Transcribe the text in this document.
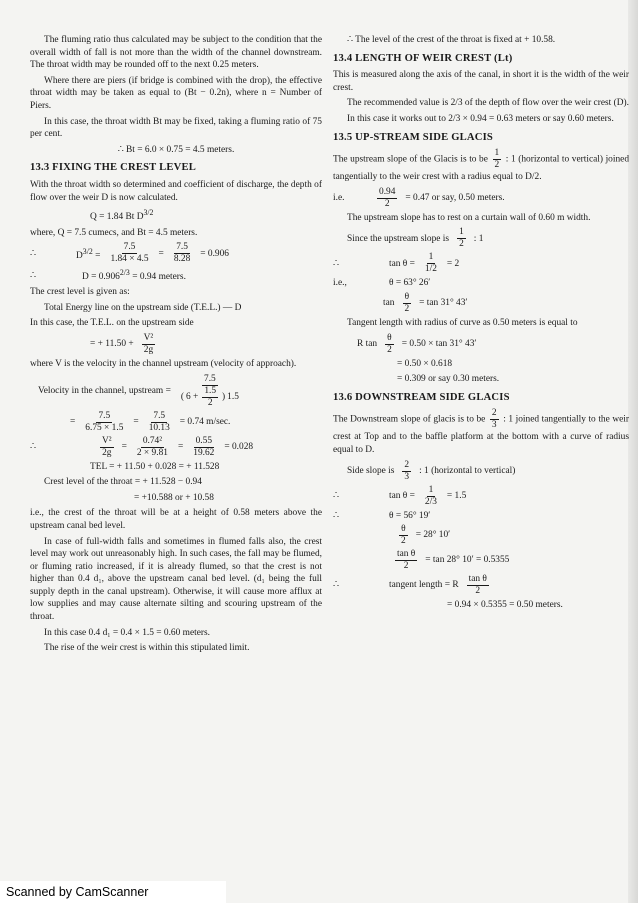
The fluming ratio thus calculated may be subject to the condition that the overall width of fall is not more than the width of the channel downstream. The throat width may be rounded off to the next 0.25 meters.

Where there are piers (if bridge is combined with the drop), the effective throat width may be taken as equal to (Bt − 0.2n), where n = Number of Piers.

In this case, the throat width Bt may be fixed, taking a fluming ratio of 75 per cent.

∴ Bt = 6.0 × 0.75 = 4.5 meters.

13.3 FIXING THE CREST LEVEL

With the throat width so determined and coefficient of discharge, the depth of flow over the weir D is now calculated.

Q = 1.84 Bt $D^{3/2}$

where, Q = 7.5 cumecs, and Bt = 4.5 meters.

∴	$D^{3/2} = \frac{7.5}{1.84 \times 4.5} = \frac{7.5}{8.28} = 0.906$
∴	$D = 0.906^{2/3} = 0.94$ meters.

The crest level is given as:

Total Energy line on the upstream side (T.E.L.) — D

In this case, the T.E.L. on the upstream side

= + $11.50 + \frac{\text{V²}}{2g}$

where V is the velocity in the channel upstream (velocity of approach).

Velocity in the channel, upstream = $\frac{7.5}{( 6 + \frac{1.5}{2} ) 1.5}$
= $\frac{7.5}{6.75 \times 1.5} = \frac{7.5}{10.13} = 0.74$ m/sec.
∴	$\frac{\text{V²}}{2g} = \frac{\text{0.74²}}{2 \times 9.81} = \frac{0.55}{19.62} = 0.028$

TEL = + 11.50 + 0.028 = + 11.528

Crest level of the throat = + 11.528 − 0.94

= +10.588 or + 10.58

i.e., the crest of the throat will be at a height of 0.58 meters above the upstream canal bed level.

In case of full-width falls and sometimes in flumed falls also, the crest level may work out unreasonably high. In such cases, the fall may be flumed, or fluming ratio increased, if it is already flumed, so that the crest is not higher than 0.4 d₁, above the upstream canal bed level. (d₁ being the full supply depth in the canal upstream). Otherwise, it will cause more afflux at low supplies and may cause alternate silting and scouring upstream of the throat.

In this case 0.4 d₁ = 0.4 × 1.5 = 0.60 meters.

The rise of the weir crest is within this stipulated limit.

∴ The level of the crest of the throat is fixed at + 10.58.

13.4 LENGTH OF WEIR CREST (Lt)

This is measured along the axis of the canal, in short it is the width of the weir crest.

The recommended value is 2/3 of the depth of flow over the weir crest (D).

In this case it works out to 2/3 × 0.94 = 0.63 meters or say 0.60 meters.

13.5 UP-STREAM SIDE GLACIS

The upstream slope of the Glacis is to be $\frac{1}{2}$ : 1 (horizontal to vertical) joined tangentially to the weir crest with a radius equal to D/2.

i.e.	$\frac{0.94}{2} = 0.47$ or say, 0.50 meters.

The upstream slope has to rest on a curtain wall of 0.60 m width.

Since the upstream slope is $\frac{1}{2}$ : 1
∴	$\tan \theta = \frac{1}{1/2} = 2$
i.e.,	θ = 63° 26′
$\tan \frac{\theta}{2} = \tan 31^\circ$ 43′

Tangent length with radius of curve as 0.50 meters is equal to

R $\tan \frac{\theta}{2} = 0.50 \times \tan 31^\circ$ 43′

= 0.50 × 0.618

= 0.309 or say 0.30 meters.

13.6 DOWNSTREAM SIDE GLACIS

The Downstream slope of glacis is to be $\frac{2}{3}$ : 1 joined tangentially to the weir crest at Top and to the baffle platform at the bottom with a curve of radius equal to D.

Side slope is $\frac{2}{3}$ : 1 (horizontal to vertical)
∴	$\tan \theta = \frac{1}{2/3} = 1.5$
∴	θ = 56° 19′
$\frac{\theta}{2} = 28^\circ$ 10′
$\frac{\text{tan θ}}{2} = \tan 28^\circ$ 10′ = 0.5355
∴	tangent length = R $\frac{\text{tan θ}}{2}$

= 0.94 × 0.5355 = 0.50 meters.

Scanned by CamScanner
